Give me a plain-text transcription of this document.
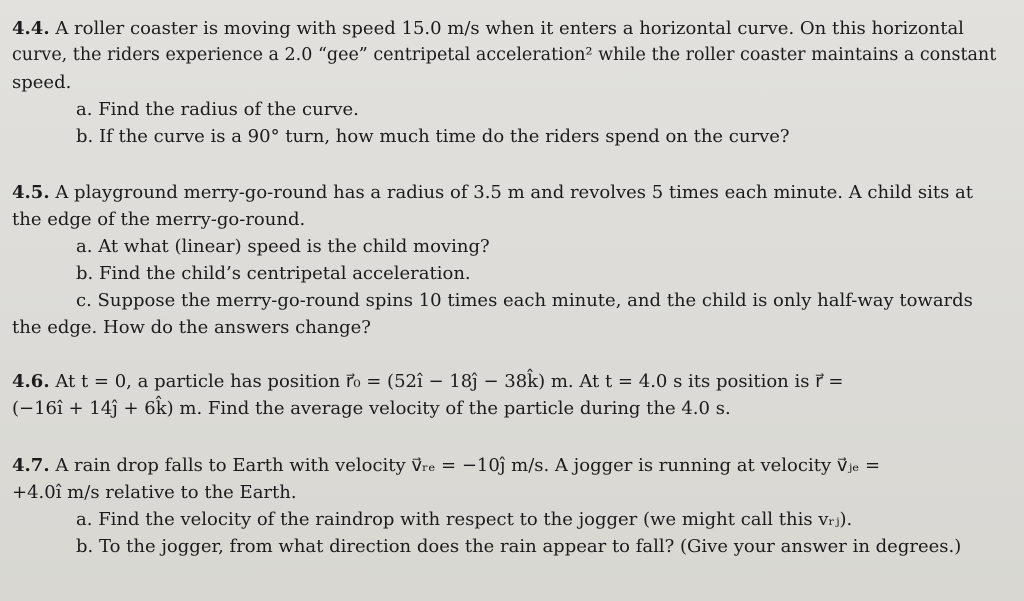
4.4. A roller coaster is moving with speed 15.0 m/s when it enters a horizontal curve. On this horizontal
curve, the riders experience a 2.0 “gee” centripetal acceleration² while the roller coaster maintains a constant
speed.
a. Find the radius of the curve.
b. If the curve is a 90° turn, how much time do the riders spend on the curve?
4.5. A playground merry-go-round has a radius of 3.5 m and revolves 5 times each minute. A child sits at
the edge of the merry-go-round.
a. At what (linear) speed is the child moving?
b. Find the child’s centripetal acceleration.
c. Suppose the merry-go-round spins 10 times each minute, and the child is only half-way towards
the edge. How do the answers change?
4.6. At t = 0, a particle has position r⃗₀ = (52î − 18ĵ − 38k̂) m. At t = 4.0 s its position is r⃗ =
(−16î + 14ĵ + 6k̂) m. Find the average velocity of the particle during the 4.0 s.
4.7. A rain drop falls to Earth with velocity v⃗ᵣₑ = −10ĵ m/s. A jogger is running at velocity v⃗ⱼₑ =
+4.0î m/s relative to the Earth.
a. Find the velocity of the raindrop with respect to the jogger (we might call this vᵣⱼ).
b. To the jogger, from what direction does the rain appear to fall? (Give your answer in degrees.)
